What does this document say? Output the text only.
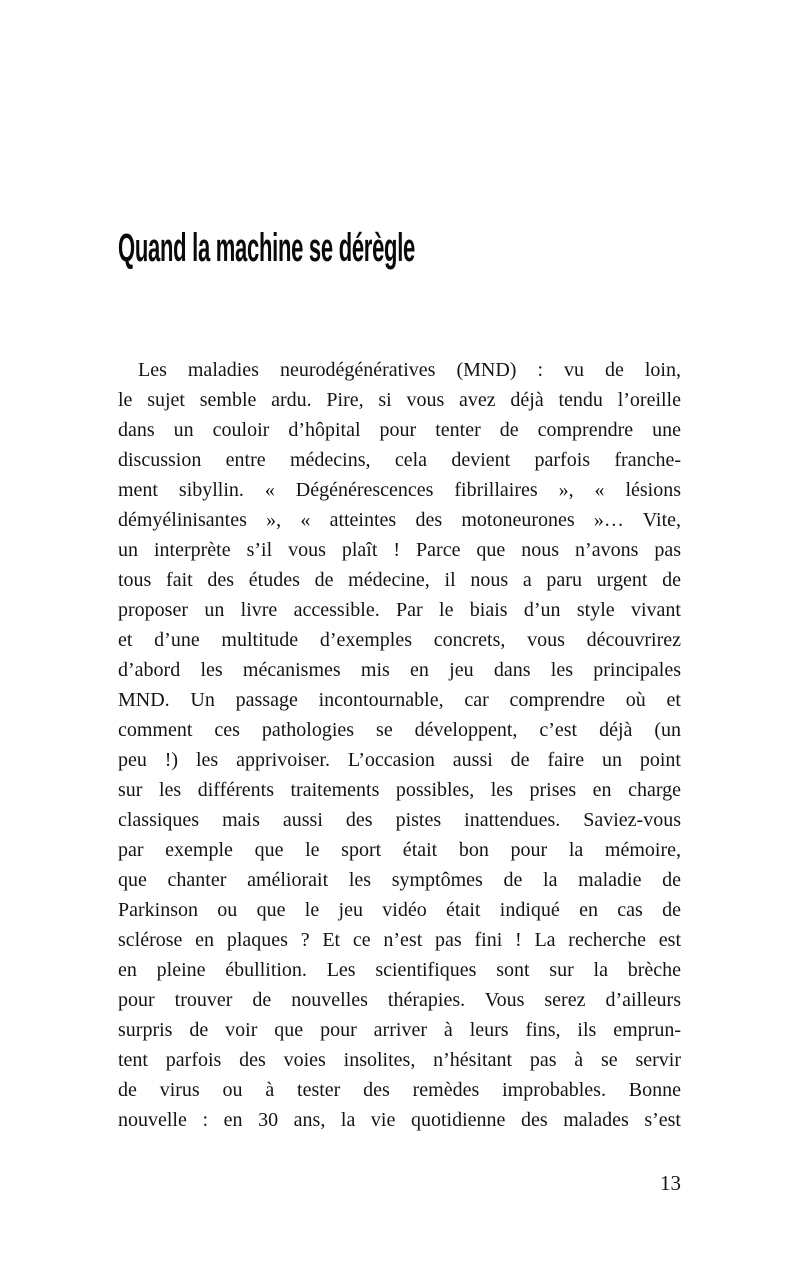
Quand la machine se dérègle
Les maladies neurodégénératives (MND) : vu de loin,
le sujet semble ardu. Pire, si vous avez déjà tendu l’oreille
dans un couloir d’hôpital pour tenter de comprendre une
discussion entre médecins, cela devient parfois franche-
ment sibyllin. « Dégénérescences fibrillaires », « lésions
démyélinisantes », « atteintes des motoneurones »… Vite,
un interprète s’il vous plaît ! Parce que nous n’avons pas
tous fait des études de médecine, il nous a paru urgent de
proposer un livre accessible. Par le biais d’un style vivant
et d’une multitude d’exemples concrets, vous découvrirez
d’abord les mécanismes mis en jeu dans les principales
MND. Un passage incontournable, car comprendre où et
comment ces pathologies se développent, c’est déjà (un
peu !) les apprivoiser. L’occasion aussi de faire un point
sur les différents traitements possibles, les prises en charge
classiques mais aussi des pistes inattendues. Saviez-vous
par exemple que le sport était bon pour la mémoire,
que chanter améliorait les symptômes de la maladie de
Parkinson ou que le jeu vidéo était indiqué en cas de
sclérose en plaques ? Et ce n’est pas fini ! La recherche est
en pleine ébullition. Les scientifiques sont sur la brèche
pour trouver de nouvelles thérapies. Vous serez d’ailleurs
surpris de voir que pour arriver à leurs fins, ils emprun-
tent parfois des voies insolites, n’hésitant pas à se servir
de virus ou à tester des remèdes improbables. Bonne
nouvelle : en 30 ans, la vie quotidienne des malades s’est
13
